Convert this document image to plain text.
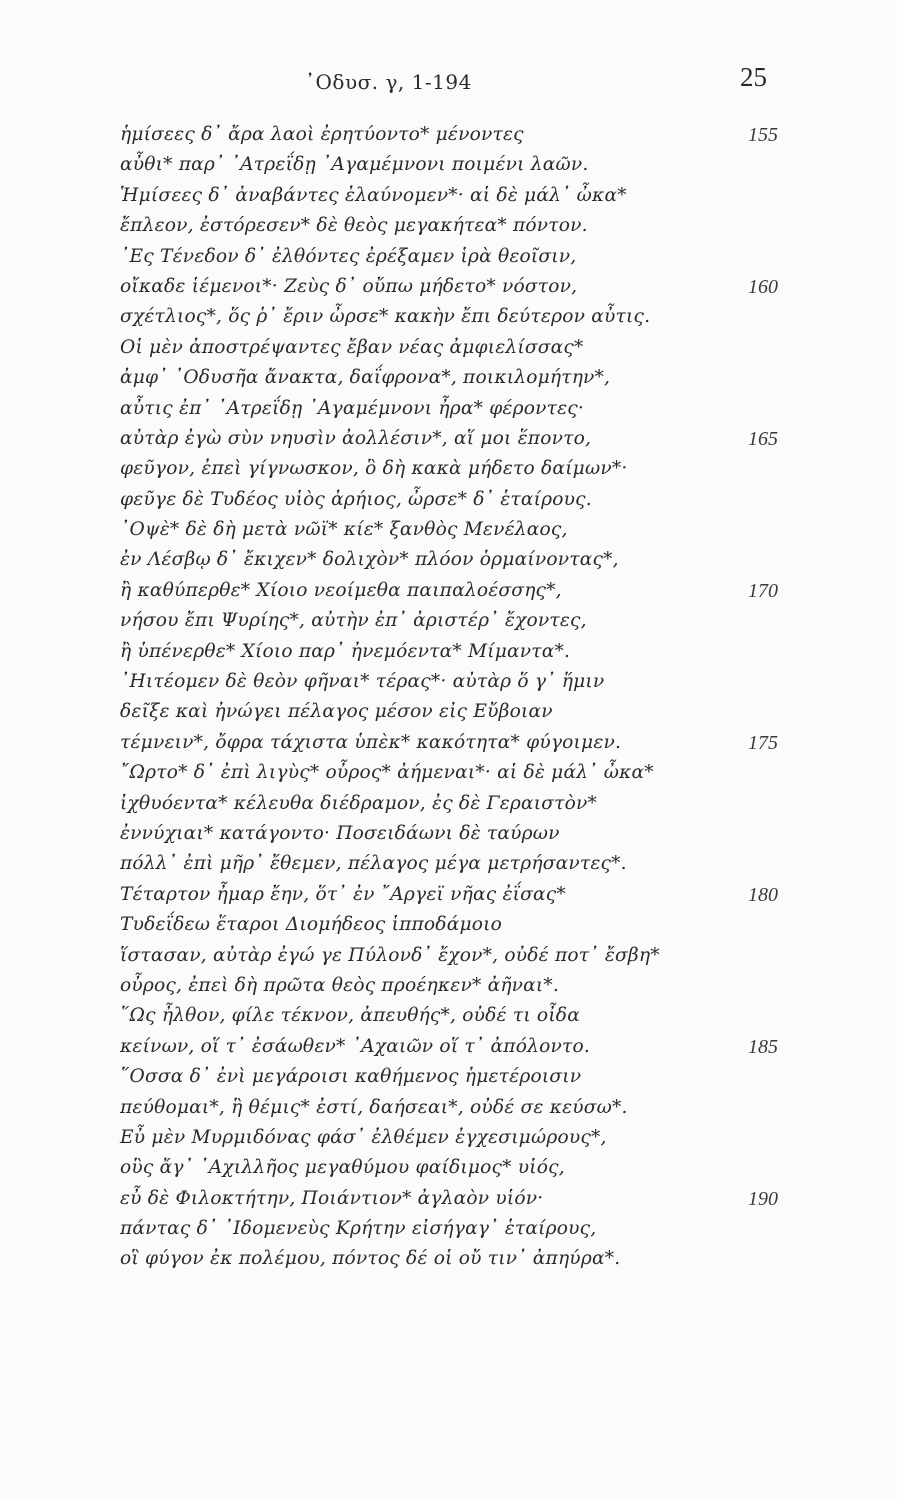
᾿Οδυσ. γ, 1-194	25
ἡμίσεες δ᾿ ἄρα λαοὶ ἐρητύοντο* μένοντες	155
αὖθι* παρ᾿ ᾿Ατρεΐδῃ ᾿Αγαμέμνονι ποιμένι λαῶν.
Ἡμίσεες δ᾿ ἀναβάντες ἐλαύνομεν*· αἱ δὲ μάλ᾿ ὦκα*
ἔπλεον, ἐστόρεσεν* δὲ θεὸς μεγακήτεα* πόντον.
᾿Ες Τένεδον δ᾿ ἐλθόντες ἐρέξαμεν ἱρὰ θεοῖσιν,
οἴκαδε ἱέμενοι*· Ζεὺς δ᾿ οὔπω μήδετο* νόστον,	160
σχέτλιος*, ὅς ῥ᾿ ἔριν ὦρσε* κακὴν ἔπι δεύτερον αὖτις.
Οἱ μὲν ἀποστρέψαντες ἔβαν νέας ἀμφιελίσσας*
ἀμφ᾿ ᾿Οδυσῆα ἄνακτα, δαΐφρονα*, ποικιλομήτην*,
αὖτις ἐπ᾿ ᾿Ατρεΐδῃ ᾿Αγαμέμνονι ἦρα* φέροντες·
αὐτὰρ ἐγὼ σὺν νηυσὶν ἀολλέσιν*, αἵ μοι ἕποντο,	165
φεῦγον, ἐπεὶ γίγνωσκον, ὃ δὴ κακὰ μήδετο δαίμων*·
φεῦγε δὲ Τυδέος υἱὸς ἀρήιος, ὦρσε* δ᾿ ἑταίρους.
᾿Οψὲ* δὲ δὴ μετὰ νῶϊ* κίε* ξανθὸς Μενέλαος,
ἐν Λέσβῳ δ᾿ ἔκιχεν* δολιχὸν* πλόον ὁρμαίνοντας*,
ἢ καθύπερθε* Χίοιο νεοίμεθα παιπαλοέσσης*,	170
νήσου ἔπι Ψυρίης*, αὐτὴν ἐπ᾿ ἀριστέρ᾿ ἔχοντες,
ἢ ὑπένερθε* Χίοιο παρ᾿ ἠνεμόεντα* Μίμαντα*.
᾿Ηιτέομεν δὲ θεὸν φῆναι* τέρας*· αὐτὰρ ὅ γ᾿ ἥμιν
δεῖξε καὶ ἠνώγει πέλαγος μέσον εἰς Εὔβοιαν
τέμνειν*, ὄφρα τάχιστα ὑπὲκ* κακότητα* φύγοιμεν.	175
῎Ωρτο* δ᾿ ἐπὶ λιγὺς* οὖρος* ἀήμεναι*· αἱ δὲ μάλ᾿ ὦκα*
ἰχθυόεντα* κέλευθα διέδραμον, ἐς δὲ Γεραιστὸν*
ἐννύχιαι* κατάγοντο· Ποσειδάωνι δὲ ταύρων
πόλλ᾿ ἐπὶ μῆρ᾿ ἔθεμεν, πέλαγος μέγα μετρήσαντες*.
Τέταρτον ἦμαρ ἔην, ὅτ᾿ ἐν ῎Αργεϊ νῆας ἐΐσας*	180
Τυδεΐδεω ἕταροι Διομήδεος ἱπποδάμοιο
ἵστασαν, αὐτὰρ ἐγώ γε Πύλονδ᾿ ἔχον*, οὐδέ ποτ᾿ ἔσβη*
οὖρος, ἐπεὶ δὴ πρῶτα θεὸς προέηκεν* ἀῆναι*.
῞Ως ἦλθον, φίλε τέκνον, ἀπευθής*, οὐδέ τι οἶδα
κείνων, οἵ τ᾿ ἐσάωθεν* ᾿Αχαιῶν οἵ τ᾿ ἀπόλοντο.	185
῞Οσσα δ᾿ ἐνὶ μεγάροισι καθήμενος ἡμετέροισιν
πεύθομαι*, ἣ θέμις* ἐστί, δαήσεαι*, οὐδέ σε κεύσω*.
Εὖ μὲν Μυρμιδόνας φάσ᾿ ἐλθέμεν ἐγχεσιμώρους*,
οὓς ἄγ᾿ ᾿Αχιλλῆος μεγαθύμου φαίδιμος* υἱός,
εὖ δὲ Φιλοκτήτην, Ποιάντιον* ἀγλαὸν υἱόν·	190
πάντας δ᾿ ᾿Ιδομενεὺς Κρήτην εἰσήγαγ᾿ ἑταίρους,
οἳ φύγον ἐκ πολέμου, πόντος δέ οἱ οὔ τιν᾿ ἀπηύρα*.
